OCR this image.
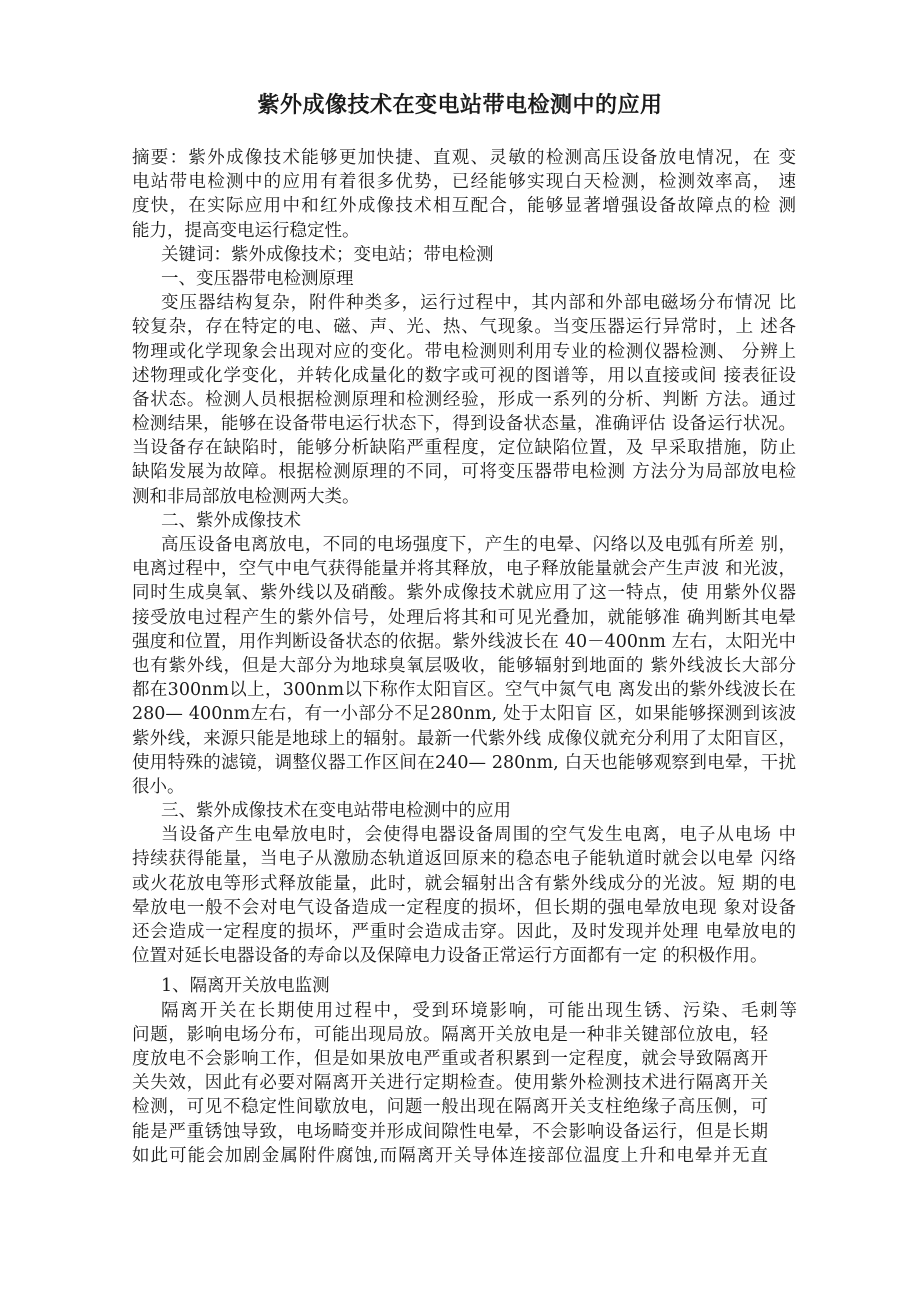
紫外成像技术在变电站带电检测中的应用
摘要：紫外成像技术能够更加快捷、直观、灵敏的检测高压设备放电情况，在 变
电站带电检测中的应用有着很多优势，已经能够实现白天检测，检测效率高， 速
度快，在实际应用中和红外成像技术相互配合，能够显著增强设备故障点的检 测
能力，提高变电运行稳定性。
关键词：紫外成像技术；变电站；带电检测
一、变压器带电检测原理
变压器结构复杂，附件种类多，运行过程中，其内部和外部电磁场分布情况 比
较复杂，存在特定的电、磁、声、光、热、气现象。当变压器运行异常时，上 述各
物理或化学现象会出现对应的变化。带电检测则利用专业的检测仪器检测、 分辨上
述物理或化学变化，并转化成量化的数字或可视的图谱等，用以直接或间 接表征设
备状态。检测人员根据检测原理和检测经验，形成一系列的分析、判断 方法。通过
检测结果，能够在设备带电运行状态下，得到设备状态量，准确评估 设备运行状况。
当设备存在缺陷时，能够分析缺陷严重程度，定位缺陷位置，及 早采取措施，防止
缺陷发展为故障。根据检测原理的不同，可将变压器带电检测 方法分为局部放电检
测和非局部放电检测两大类。
二、紫外成像技术
高压设备电离放电，不同的电场强度下，产生的电晕、闪络以及电弧有所差 别，
电离过程中，空气中电气获得能量并将其释放，电子释放能量就会产生声波 和光波，
同时生成臭氧、紫外线以及硝酸。紫外成像技术就应用了这一特点，使 用紫外仪器
接受放电过程产生的紫外信号，处理后将其和可见光叠加，就能够准 确判断其电晕
强度和位置，用作判断设备状态的依据。紫外线波长在 40－400nm 左右，太阳光中
也有紫外线，但是大部分为地球臭氧层吸收，能够辐射到地面的 紫外线波长大部分
都在300nm以上，300nm以下称作太阳盲区。空气中氮气电 离发出的紫外线波长在
280— 400nm左右，有一小部分不足280nm, 处于太阳盲 区，如果能够探测到该波
紫外线，来源只能是地球上的辐射。最新一代紫外线 成像仪就充分利用了太阳盲区，
使用特殊的滤镜，调整仪器工作区间在240— 280nm, 白天也能够观察到电晕，干扰
很小。
三、紫外成像技术在变电站带电检测中的应用
当设备产生电晕放电时，会使得电器设备周围的空气发生电离，电子从电场 中
持续获得能量，当电子从激励态轨道返回原来的稳态电子能轨道时就会以电晕 闪络
或火花放电等形式释放能量，此时，就会辐射出含有紫外线成分的光波。短 期的电
晕放电一般不会对电气设备造成一定程度的损坏，但长期的强电晕放电现 象对设备
还会造成一定程度的损坏，严重时会造成击穿。因此，及时发现并处理 电晕放电的
位置对延长电器设备的寿命以及保障电力设备正常运行方面都有一定 的积极作用。
1、隔离开关放电监测
隔离开关在长期使用过程中，受到环境影响，可能出现生锈、污染、毛刺等
问题，影响电场分布，可能出现局放。隔离开关放电是一种非关键部位放电，轻
度放电不会影响工作，但是如果放电严重或者积累到一定程度，就会导致隔离开
关失效，因此有必要对隔离开关进行定期检查。使用紫外检测技术进行隔离开关
检测，可见不稳定性间歇放电，问题一般出现在隔离开关支柱绝缘子高压侧，可
能是严重锈蚀导致，电场畸变并形成间隙性电晕，不会影响设备运行，但是长期
如此可能会加剧金属附件腐蚀,而隔离开关导体连接部位温度上升和电晕并无直
